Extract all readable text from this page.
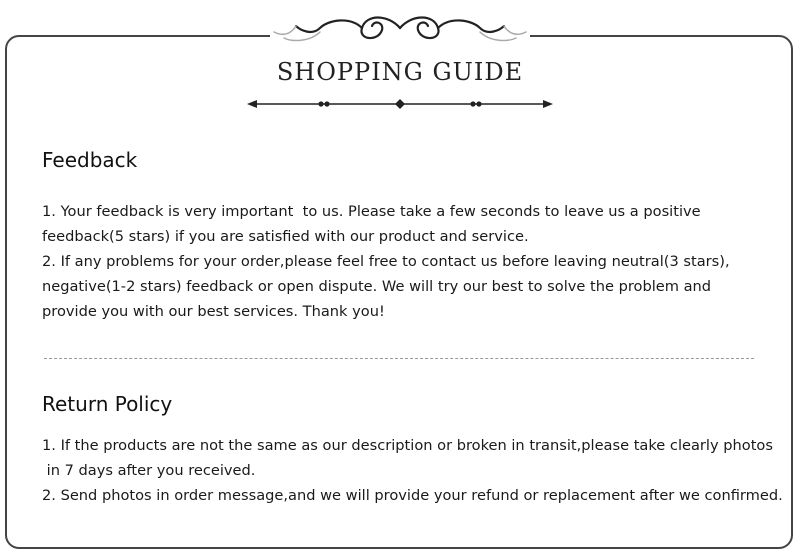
SHOPPING GUIDE
Feedback

1. Your feedback is very important  to us. Please take a few seconds to leave us a positive

feedback(5 stars) if you are satisfied with our product and service.

2. If any problems for your order,please feel free to contact us before leaving neutral(3 stars),

negative(1-2 stars) feedback or open dispute. We will try our best to solve the problem and

provide you with our best services. Thank you!

Return Policy

1. If the products are not the same as our description or broken in transit,please take clearly photos

in 7 days after you received.

2. Send photos in order message,and we will provide your refund or replacement after we confirmed.
